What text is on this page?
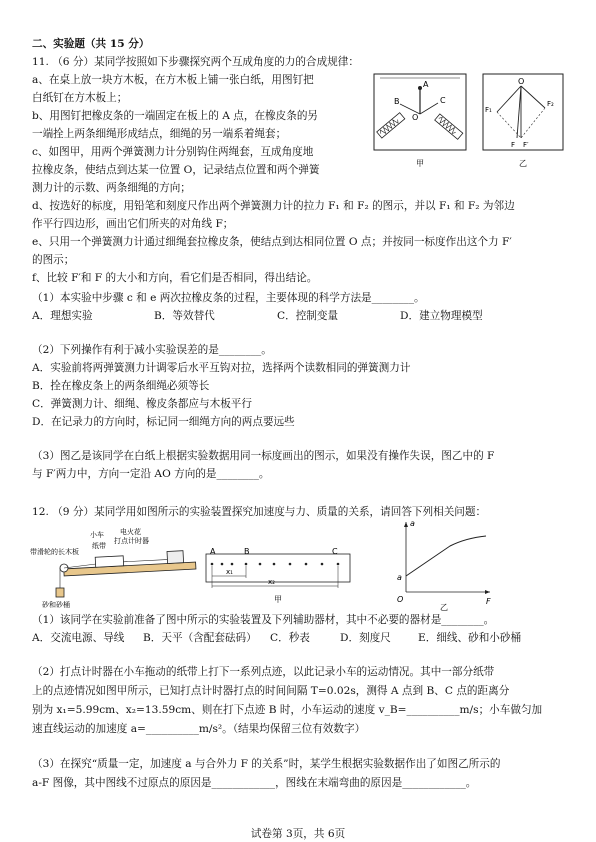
二、实验题（共 15 分）
11. （6 分）某同学按照如下步骤探究两个互成角度的力的合成规律：
a、在桌上放一块方木板，在方木板上铺一张白纸，用图钉把
白纸钉在方木板上；
b、用图钉把橡皮条的一端固定在板上的 A 点，在橡皮条的另
一端拴上两条细绳形成结点，细绳的另一端系着绳套；
c、如图甲，用两个弹簧测力计分别钩住两绳套，互成角度地
拉橡皮条，使结点到达某一位置 O，记录结点位置和两个弹簧
测力计的示数、两条细绳的方向；
d、按选好的标度，用铅笔和刻度尺作出两个弹簧测力计的拉力 F₁ 和 F₂ 的图示，并以 F₁ 和 F₂ 为邻边
作平行四边形，画出它们所夹的对角线 F；
e、只用一个弹簧测力计通过细绳套拉橡皮条，使结点到达相同位置 O 点；并按同一标度作出这个力 F′
的图示；
f、比较 F′和 F 的大小和方向，看它们是否相同，得出结论。
A
O
B	C
甲
O
F₁
F₂
F F′
乙
（1）本实验中步骤 c 和 e 两次拉橡皮条的过程，主要体现的科学方法是________。
A．理想实验	B．等效替代	C．控制变量	D．建立物理模型
（2）下列操作有利于减小实验误差的是________。
A．实验前将两弹簧测力计调零后水平互钩对拉，选择两个读数相同的弹簧测力计
B．拴在橡皮条上的两条细绳必须等长
C．弹簧测力计、细绳、橡皮条都应与木板平行
D．在记录力的方向时，标记同一细绳方向的两点要远些
（3）图乙是该同学在白纸上根据实验数据用同一标度画出的图示，如果没有操作失误，图乙中的 F
与 F′两力中，方向一定沿 AO 方向的是________。
12. （9 分）某同学用如图所示的实验装置探究加速度与力、质量的关系，请回答下列相关问题：
电火花
打点计时器
小车
纸带
带滑轮的长木板
砂和砂桶
A	B	C
x₁
x₂
甲
a
F
O
a
乙
（1）该同学在实验前准备了图中所示的实验装置及下列辅助器材，其中不必要的器材是________。
A．交流电源、导线 B．天平（含配套砝码） C．秒表	D．刻度尺	E．细线、砂和小砂桶
（2）打点计时器在小车拖动的纸带上打下一系列点迹，以此记录小车的运动情况。其中一部分纸带
上的点迹情况如图甲所示，已知打点计时器打点的时间间隔 T=0.02s，测得 A 点到 B、C 点的距离分
别为 x₁=5.99cm、x₂=13.59cm、则在打下点迹 B 时，小车运动的速度 v_B=__________m/s；小车做匀加
速直线运动的加速度 a=__________m/s²。（结果均保留三位有效数字）
（3）在探究“质量一定，加速度 a 与合外力 F 的关系”时，某学生根据实验数据作出了如图乙所示的
a-F 图像，其中图线不过原点的原因是____________，图线在末端弯曲的原因是____________。
试卷第 3页，共 6页
